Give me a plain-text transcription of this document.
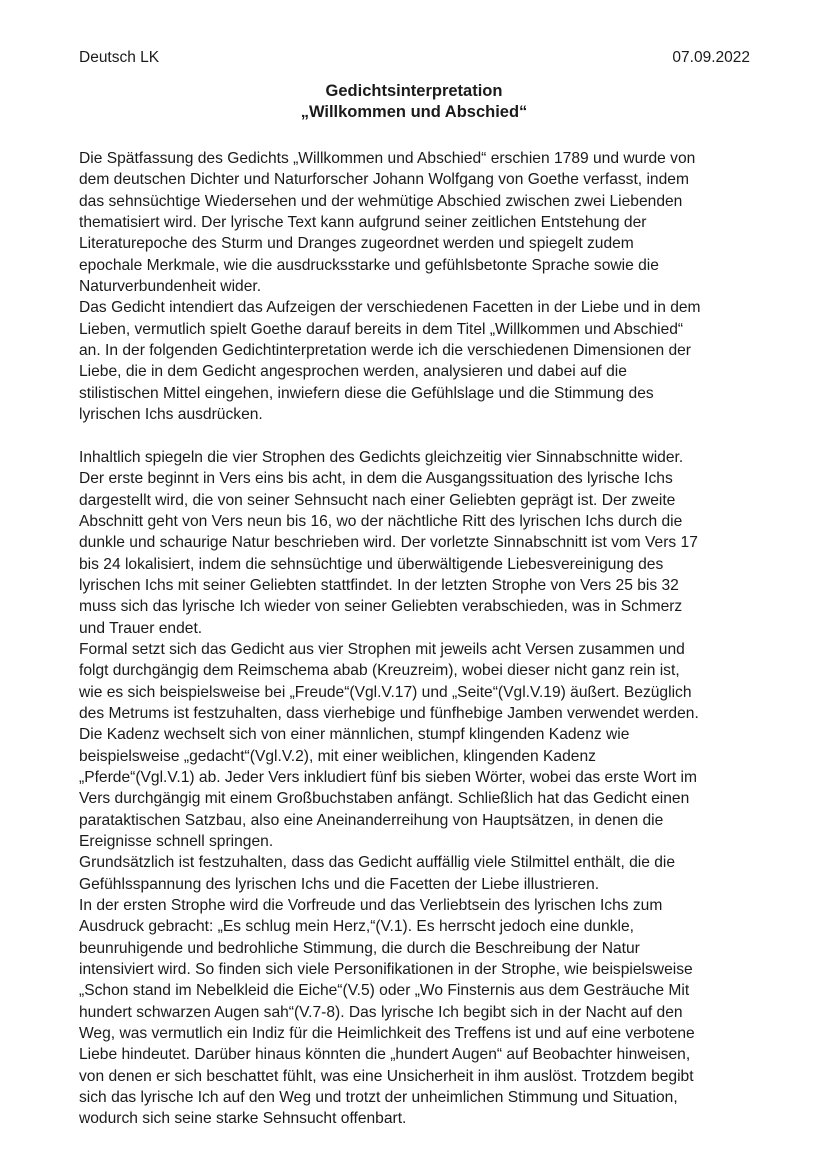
Deutsch LK	07.09.2022
Gedichtsinterpretation
„Willkommen und Abschied“
Die Spätfassung des Gedichts „Willkommen und Abschied“ erschien 1789 und wurde von
dem deutschen Dichter und Naturforscher Johann Wolfgang von Goethe verfasst, indem
das sehnsüchtige Wiedersehen und der wehmütige Abschied zwischen zwei Liebenden
thematisiert wird. Der lyrische Text kann aufgrund seiner zeitlichen Entstehung der
Literaturepoche des Sturm und Dranges zugeordnet werden und spiegelt zudem
epochale Merkmale, wie die ausdrucksstarke und gefühlsbetonte Sprache sowie die
Naturverbundenheit wider.
Das Gedicht intendiert das Aufzeigen der verschiedenen Facetten in der Liebe und in dem
Lieben, vermutlich spielt Goethe darauf bereits in dem Titel „Willkommen und Abschied“
an. In der folgenden Gedichtinterpretation werde ich die verschiedenen Dimensionen der
Liebe, die in dem Gedicht angesprochen werden, analysieren und dabei auf die
stilistischen Mittel eingehen, inwiefern diese die Gefühlslage und die Stimmung des
lyrischen Ichs ausdrücken.
Inhaltlich spiegeln die vier Strophen des Gedichts gleichzeitig vier Sinnabschnitte wider.
Der erste beginnt in Vers eins bis acht, in dem die Ausgangssituation des lyrische Ichs
dargestellt wird, die von seiner Sehnsucht nach einer Geliebten geprägt ist. Der zweite
Abschnitt geht von Vers neun bis 16, wo der nächtliche Ritt des lyrischen Ichs durch die
dunkle und schaurige Natur beschrieben wird. Der vorletzte Sinnabschnitt ist vom Vers 17
bis 24 lokalisiert, indem die sehnsüchtige und überwältigende Liebesvereinigung des
lyrischen Ichs mit seiner Geliebten stattfindet. In der letzten Strophe von Vers 25 bis 32
muss sich das lyrische Ich wieder von seiner Geliebten verabschieden, was in Schmerz
und Trauer endet.
Formal setzt sich das Gedicht aus vier Strophen mit jeweils acht Versen zusammen und
folgt durchgängig dem Reimschema abab (Kreuzreim), wobei dieser nicht ganz rein ist,
wie es sich beispielsweise bei „Freude“(Vgl.V.17) und „Seite“(Vgl.V.19) äußert. Bezüglich
des Metrums ist festzuhalten, dass vierhebige und fünfhebige Jamben verwendet werden.
Die Kadenz wechselt sich von einer männlichen, stumpf klingenden Kadenz wie
beispielsweise „gedacht“(Vgl.V.2), mit einer weiblichen, klingenden Kadenz
„Pferde“(Vgl.V.1) ab. Jeder Vers inkludiert fünf bis sieben Wörter, wobei das erste Wort im
Vers durchgängig mit einem Großbuchstaben anfängt. Schließlich hat das Gedicht einen
parataktischen Satzbau, also eine Aneinanderreihung von Hauptsätzen, in denen die
Ereignisse schnell springen.
Grundsätzlich ist festzuhalten, dass das Gedicht auffällig viele Stilmittel enthält, die die
Gefühlsspannung des lyrischen Ichs und die Facetten der Liebe illustrieren.
In der ersten Strophe wird die Vorfreude und das Verliebtsein des lyrischen Ichs zum
Ausdruck gebracht: „Es schlug mein Herz,“(V.1). Es herrscht jedoch eine dunkle,
beunruhigende und bedrohliche Stimmung, die durch die Beschreibung der Natur
intensiviert wird. So finden sich viele Personifikationen in der Strophe, wie beispielsweise
„Schon stand im Nebelkleid die Eiche“(V.5) oder „Wo Finsternis aus dem Gesträuche Mit
hundert schwarzen Augen sah“(V.7-8). Das lyrische Ich begibt sich in der Nacht auf den
Weg, was vermutlich ein Indiz für die Heimlichkeit des Treffens ist und auf eine verbotene
Liebe hindeutet. Darüber hinaus könnten die „hundert Augen“ auf Beobachter hinweisen,
von denen er sich beschattet fühlt, was eine Unsicherheit in ihm auslöst. Trotzdem begibt
sich das lyrische Ich auf den Weg und trotzt der unheimlichen Stimmung und Situation,
wodurch sich seine starke Sehnsucht offenbart.
